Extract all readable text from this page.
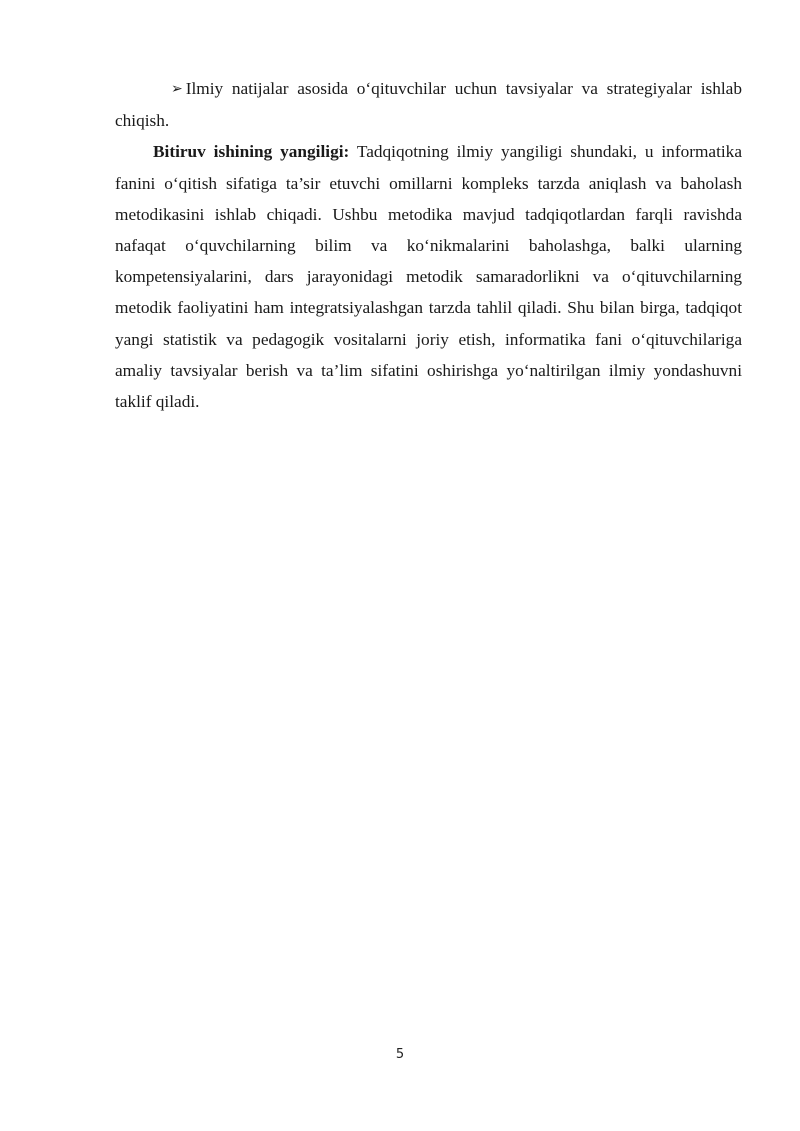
➢ Ilmiy natijalar asosida o‘qituvchilar uchun tavsiyalar va strategiyalar ishlab chiqish.

Bitiruv ishining yangiligi: Tadqiqotning ilmiy yangiligi shundaki, u informatika fanini o‘qitish sifatiga ta’sir etuvchi omillarni kompleks tarzda aniqlash va baholash metodikasini ishlab chiqadi. Ushbu metodika mavjud tadqiqotlardan farqli ravishda nafaqat o‘quvchilarning bilim va ko‘nikmalarini baholashga, balki ularning kompetensiyalarini, dars jarayonidagi metodik samaradorlikni va o‘qituvchilarning metodik faoliyatini ham integratsiyalashgan tarzda tahlil qiladi. Shu bilan birga, tadqiqot yangi statistik va pedagogik vositalarni joriy etish, informatika fani o‘qituvchilariga amaliy tavsiyalar berish va ta’lim sifatini oshirishga yo‘naltirilgan ilmiy yondashuvni taklif qiladi.

5
